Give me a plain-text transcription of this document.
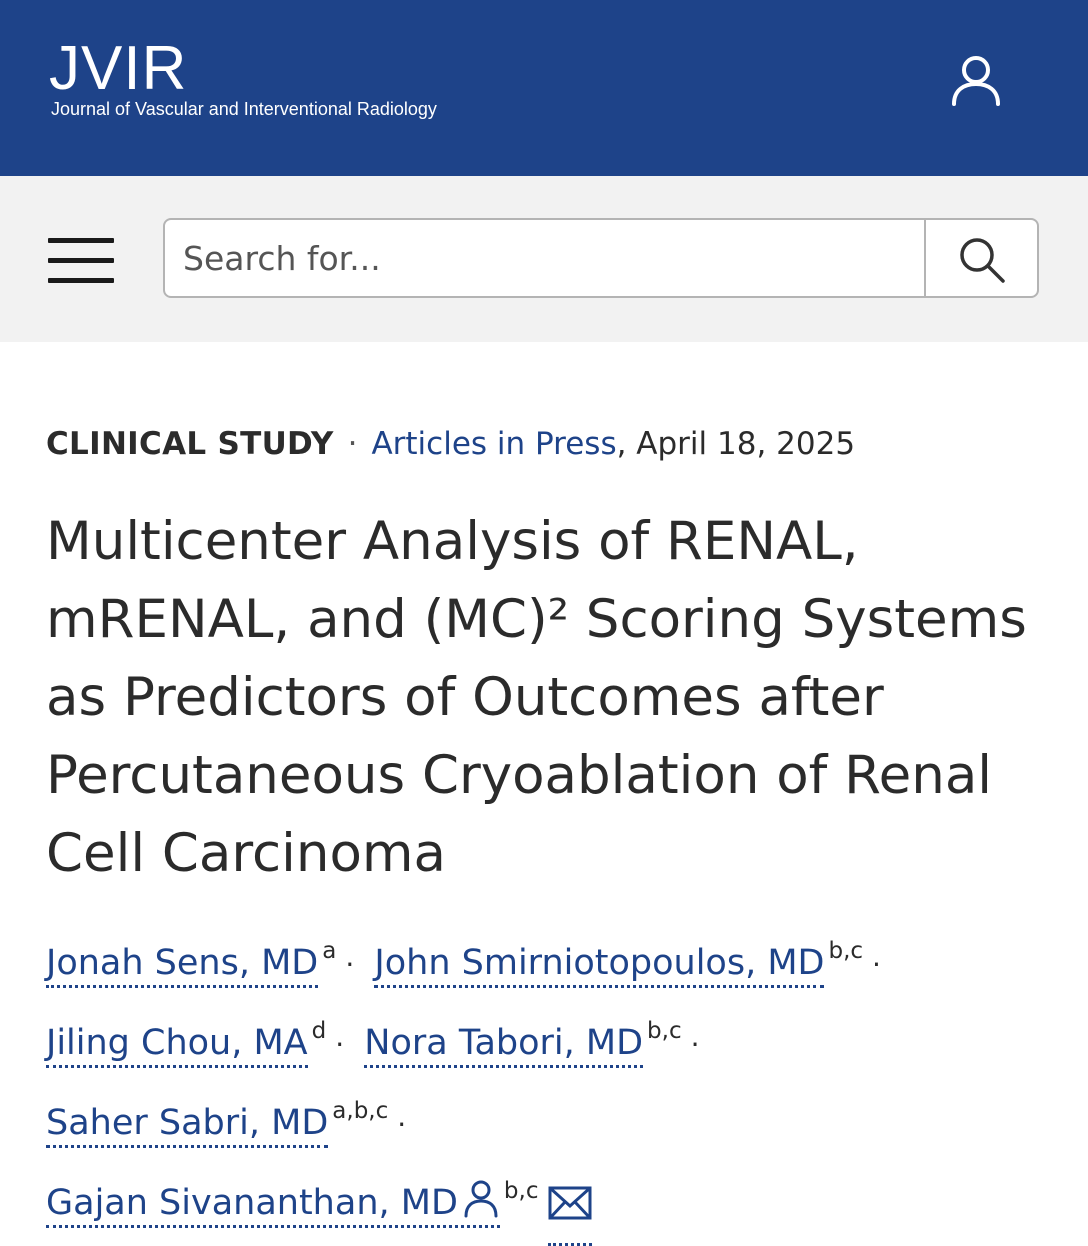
JVIR
Journal of Vascular and Interventional Radiology
Search for...
CLINICAL STUDY · Articles in Press, April 18, 2025
Multicenter Analysis of RENAL, mRENAL, and (MC)² Scoring Systems as Predictors of Outcomes after Percutaneous Cryoablation of Renal Cell Carcinoma
Jonah Sens, MD $^a$ · John Smirniotopoulos, MD $^{b,c}$ ·
Jiling Chou, MA $^d$ · Nora Tabori, MD $^{b,c}$ ·
Saher Sabri, MD $^{a,b,c}$ ·
Gajan Sivananthan, MD $^{b,c}$
